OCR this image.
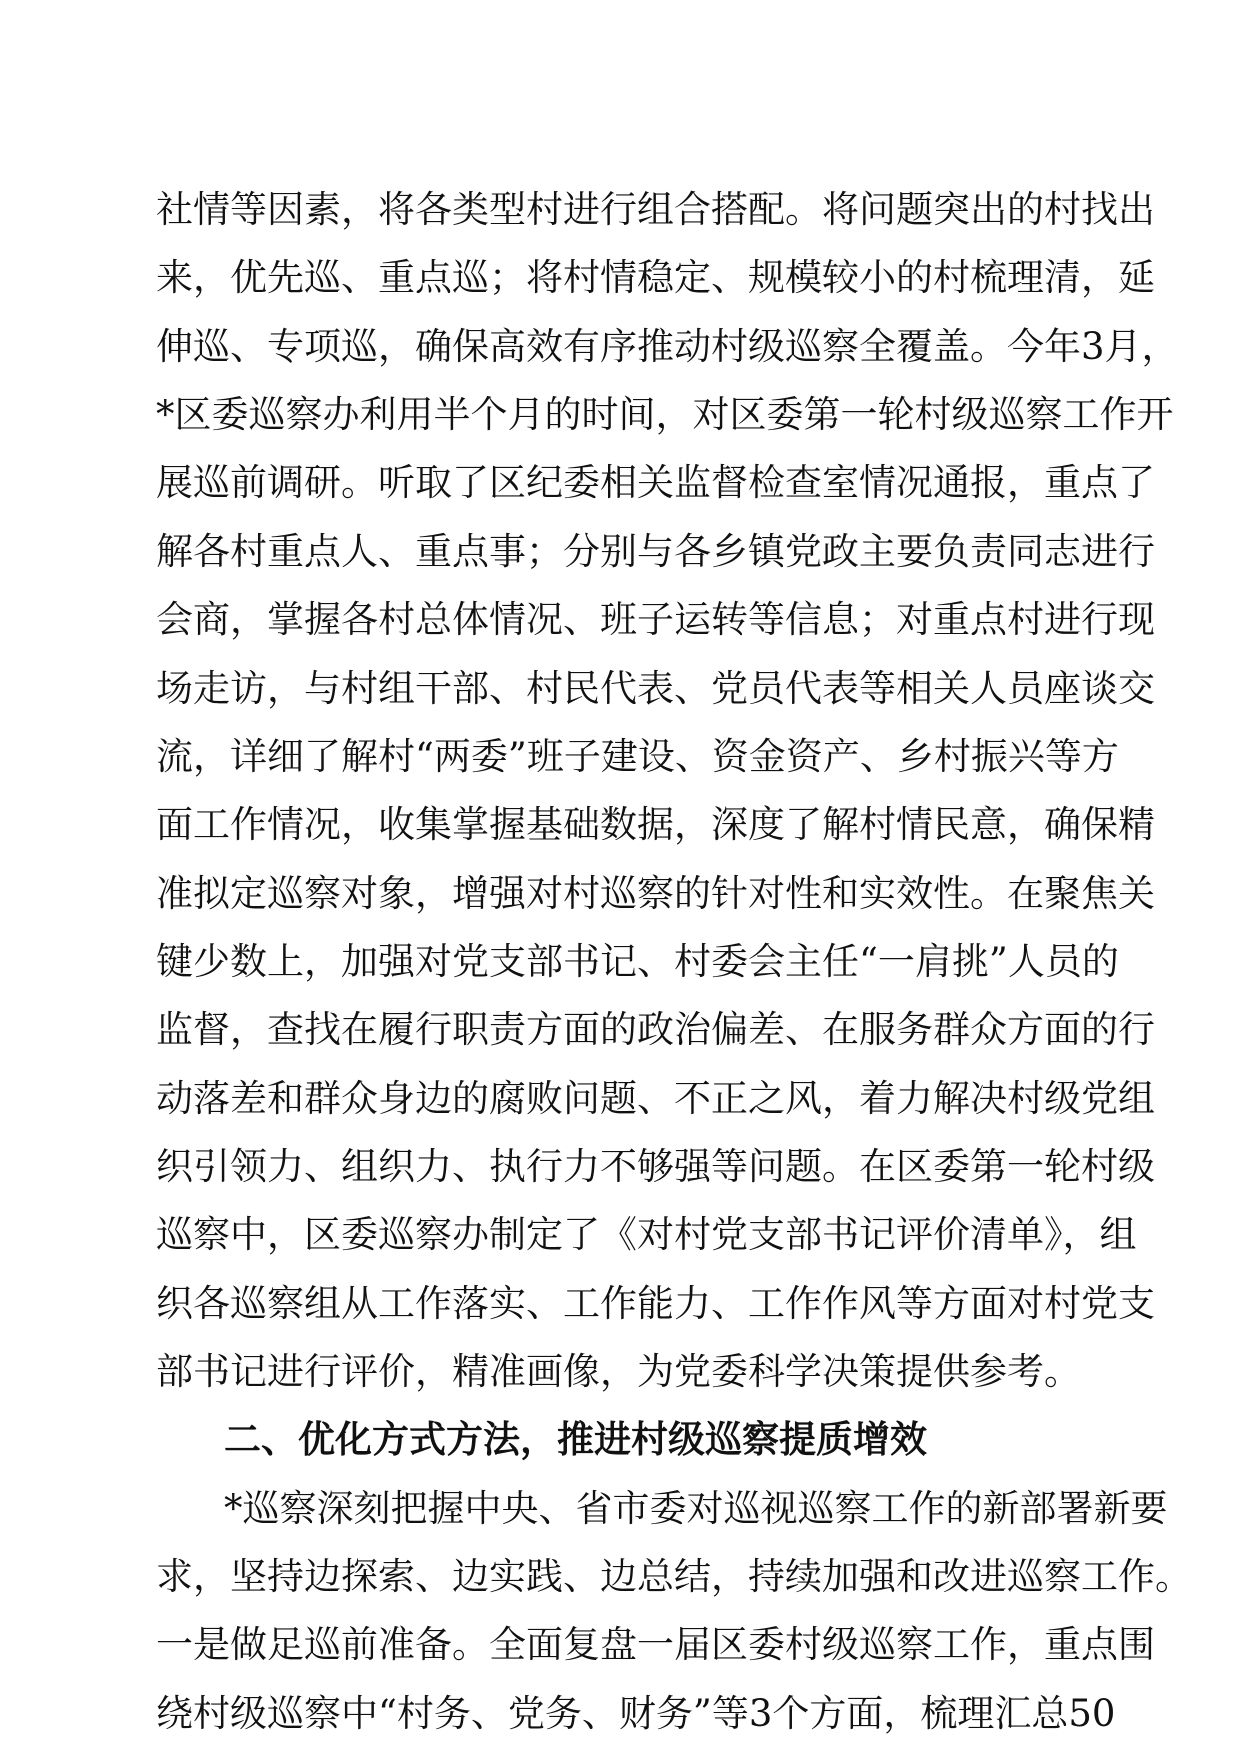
社情等因素，将各类型村进行组合搭配。将问题突出的村找出
来，优先巡、重点巡；将村情稳定、规模较小的村梳理清，延
伸巡、专项巡，确保高效有序推动村级巡察全覆盖。今年3月，
*区委巡察办利用半个月的时间，对区委第一轮村级巡察工作开
展巡前调研。听取了区纪委相关监督检查室情况通报，重点了
解各村重点人、重点事；分别与各乡镇党政主要负责同志进行
会商，掌握各村总体情况、班子运转等信息；对重点村进行现
场走访，与村组干部、村民代表、党员代表等相关人员座谈交
流，详细了解村“两委”班子建设、资金资产、乡村振兴等方
面工作情况，收集掌握基础数据，深度了解村情民意，确保精
准拟定巡察对象，增强对村巡察的针对性和实效性。在聚焦关
键少数上，加强对党支部书记、村委会主任“一肩挑”人员的
监督，查找在履行职责方面的政治偏差、在服务群众方面的行
动落差和群众身边的腐败问题、不正之风，着力解决村级党组
织引领力、组织力、执行力不够强等问题。在区委第一轮村级
巡察中，区委巡察办制定了《对村党支部书记评价清单》，组
织各巡察组从工作落实、工作能力、工作作风等方面对村党支
部书记进行评价，精准画像，为党委科学决策提供参考。
二、优化方式方法，推进村级巡察提质增效
*巡察深刻把握中央、省市委对巡视巡察工作的新部署新要
求，坚持边探索、边实践、边总结，持续加强和改进巡察工作。
一是做足巡前准备。全面复盘一届区委村级巡察工作，重点围
绕村级巡察中“村务、党务、财务”等3个方面，梳理汇总50
